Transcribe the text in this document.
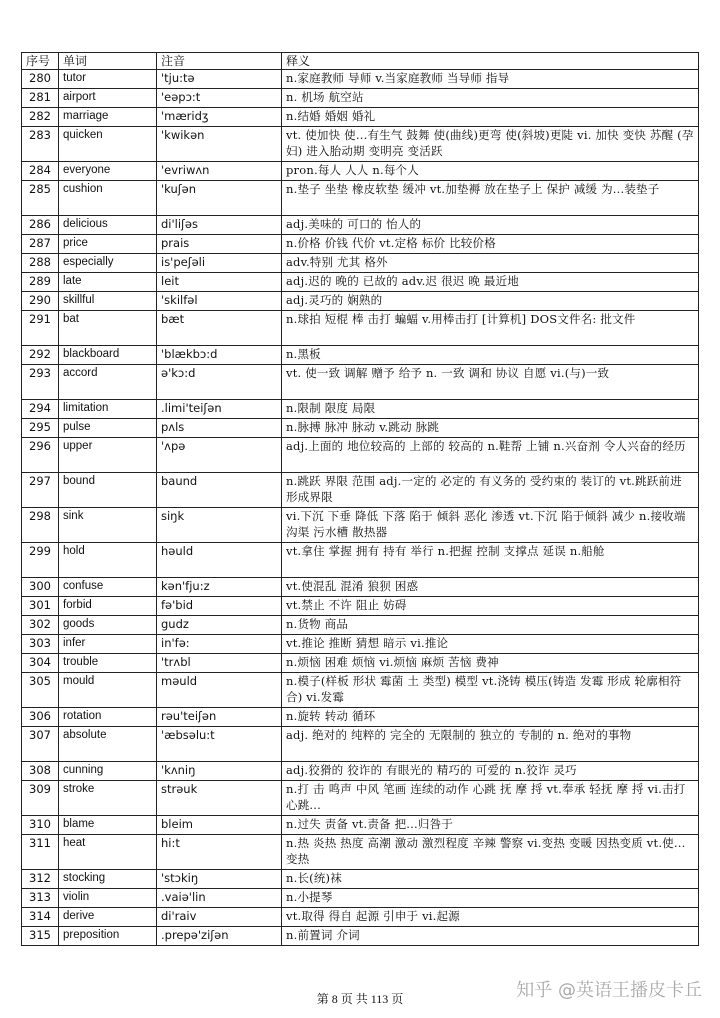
序号	单词	注音	释义
280	tutor	'tju:tə	n.家庭教师 导师 v.当家庭教师 当导师 指导
281	airport	'eəpɔ:t	n. 机场 航空站
282	marriage	'mæridʒ	n.结婚 婚姻 婚礼
283	quicken	'kwikən	vt. 使加快 使...有生气 鼓舞 使(曲线)更弯 使(斜坡)更陡 vi. 加快 变快 苏醒 (孕妇) 进入胎动期 变明亮 变活跃
284	everyone	'evriwʌn	pron.每人 人人 n.每个人
285	cushion	'kuʃən	n.垫子 坐垫 橡皮软垫 缓冲 vt.加垫褥 放在垫子上 保护 减缓 为...装垫子
286	delicious	di'liʃəs	adj.美味的 可口的 怡人的
287	price	prais	n.价格 价钱 代价 vt.定格 标价 比较价格
288	especially	is'peʃəli	adv.特别 尤其 格外
289	late	leit	adj.迟的 晚的 已故的 adv.迟 很迟 晚 最近地
290	skillful	'skilfəl	adj.灵巧的 娴熟的
291	bat	bæt	n.球拍 短棍 棒 击打 蝙蝠 v.用棒击打 [计算机] DOS文件名: 批文件
292	blackboard	'blækbɔ:d	n.黑板
293	accord	ə'kɔ:d	vt. 使一致 调解 赠予 给予 n. 一致 调和 协议 自愿 vi.(与)一致
294	limitation	.limi'teiʃən	n.限制 限度 局限
295	pulse	pʌls	n.脉搏 脉冲 脉动 v.跳动 脉跳
296	upper	'ʌpə	adj.上面的 地位较高的 上部的 较高的 n.鞋帮 上铺 n.兴奋剂 令人兴奋的经历
297	bound	baund	n.跳跃 界限 范围 adj.一定的 必定的 有义务的 受约束的 装订的 vt.跳跃前进 形成界限
298	sink	siŋk	vi.下沉 下垂 降低 下落 陷于 倾斜 恶化 渗透 vt.下沉 陷于倾斜 减少 n.接收端 沟渠 污水槽 散热器
299	hold	həuld	vt.拿住 掌握 拥有 持有 举行 n.把握 控制 支撑点 延误 n.船舱
300	confuse	kən'fju:z	vt.使混乱 混淆 狼狈 困惑
301	forbid	fə'bid	vt.禁止 不许 阻止 妨碍
302	goods	gudz	n.货物 商品
303	infer	in'fə:	vt.推论 推断 猜想 暗示 vi.推论
304	trouble	'trʌbl	n.烦恼 困难 烦恼 vi.烦恼 麻烦 苦恼 费神
305	mould	məuld	n.模子(样板 形状 霉菌 土 类型) 模型 vt.浇铸 模压(铸造 发霉 形成 轮廓相符合) vi.发霉
306	rotation	rəu'teiʃən	n.旋转 转动 循环
307	absolute	'æbsəlu:t	adj. 绝对的 纯粹的 完全的 无限制的 独立的 专制的 n. 绝对的事物
308	cunning	'kʌniŋ	adj.狡猾的 狡诈的 有眼光的 精巧的 可爱的 n.狡诈 灵巧
309	stroke	strəuk	n.打 击 鸣声 中风 笔画 连续的动作 心跳 抚 摩 捋 vt.奉承 轻抚 摩 捋 vi.击打 心跳...
310	blame	bleim	n.过失 责备 vt.责备 把...归咎于
311	heat	hi:t	n.热 炎热 热度 高潮 激动 激烈程度 辛辣 警察 vi.变热 变暖 因热变质 vt.使...变热
312	stocking	'stɔkiŋ	n.长(统)袜
313	violin	.vaiə'lin	n.小提琴
314	derive	di'raiv	vt.取得 得自 起源 引申于 vi.起源
315	preposition	.prepə'ziʃən	n.前置词 介词
第 8 页 共 113 页	知乎 @英语王播皮卡丘
